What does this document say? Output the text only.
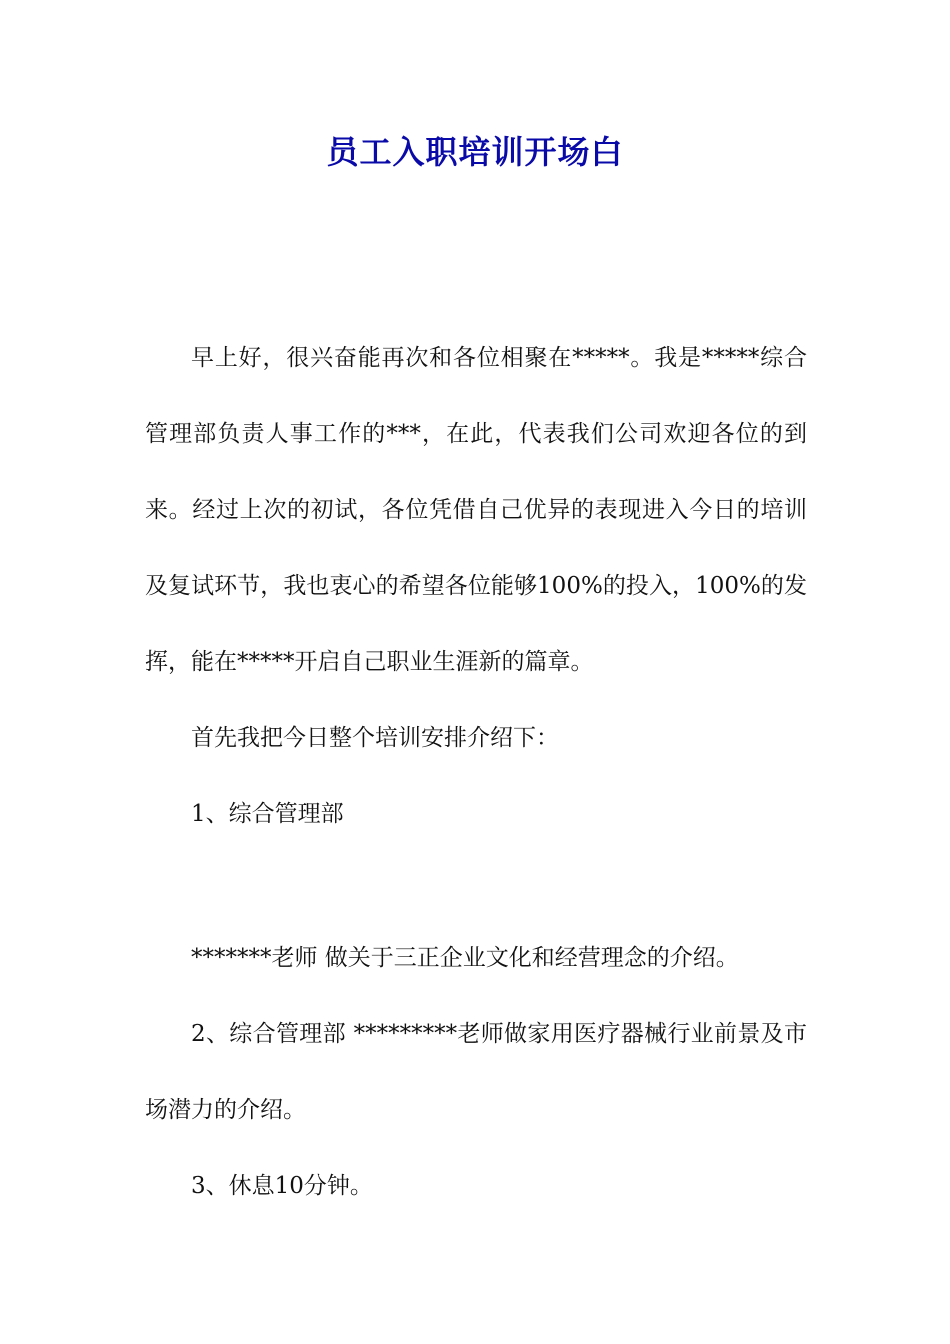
员工入职培训开场白

早上好，很兴奋能再次和各位相聚在*****。我是*****综合管理部负责人事工作的***，在此，代表我们公司欢迎各位的到来。经过上次的初试，各位凭借自己优异的表现进入今日的培训及复试环节，我也衷心的希望各位能够100%的投入，100%的发挥，能在*****开启自己职业生涯新的篇章。

首先我把今日整个培训安排介绍下：

1、综合管理部

*******老师 做关于三正企业文化和经营理念的介绍。

2、综合管理部 *********老师做家用医疗器械行业前景及市场潜力的介绍。

3、休息10分钟。
